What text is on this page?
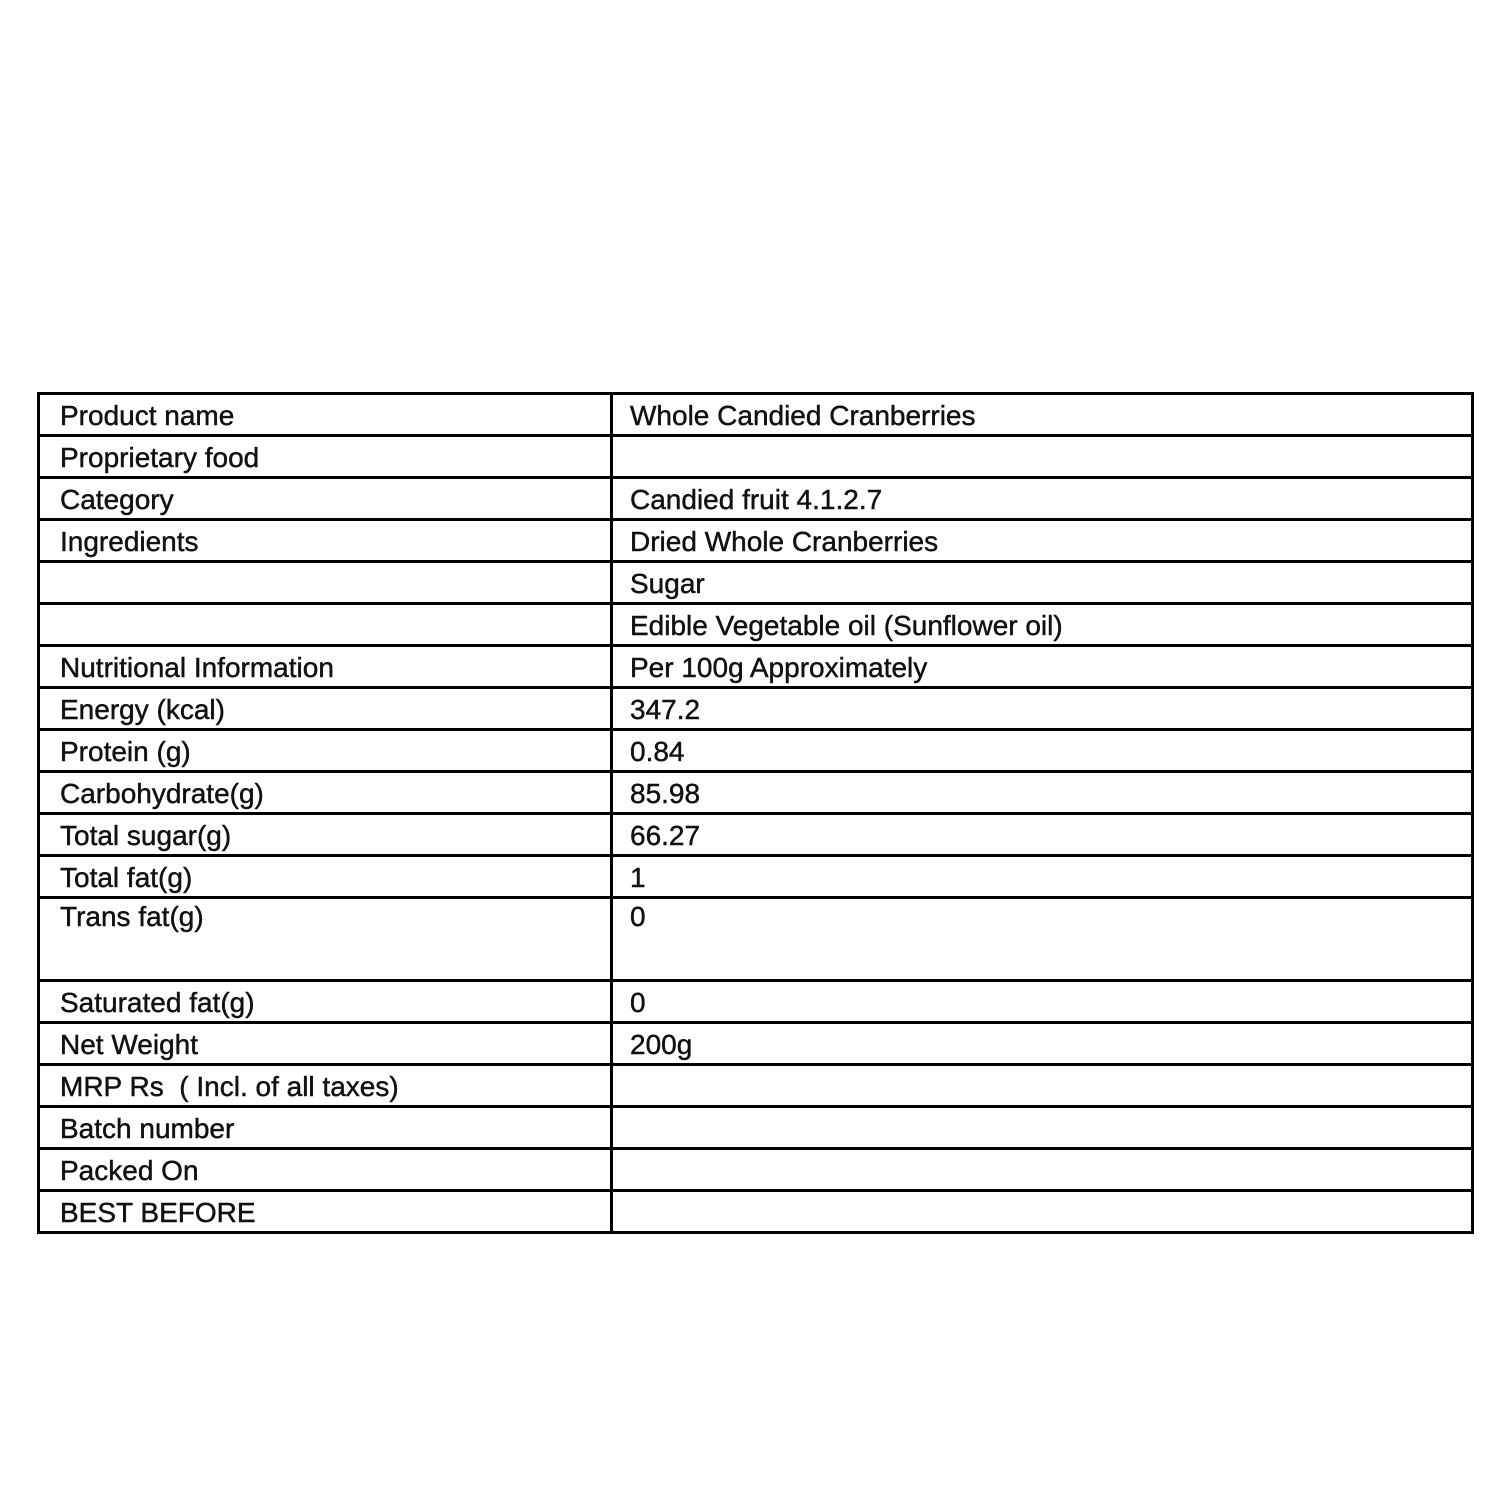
Product name	Whole Candied Cranberries
Proprietary food	
Category	Candied fruit 4.1.2.7
Ingredients	Dried Whole Cranberries
	Sugar
	Edible Vegetable oil (Sunflower oil)
Nutritional Information	Per 100g Approximately
Energy (kcal)	347.2
Protein (g)	0.84
Carbohydrate(g)	85.98
Total sugar(g)	66.27
Total fat(g)	1
Trans fat(g)	0
Saturated fat(g)	0
Net Weight	200g
MRP Rs  ( Incl. of all taxes)	
Batch number	
Packed On	
BEST BEFORE	
